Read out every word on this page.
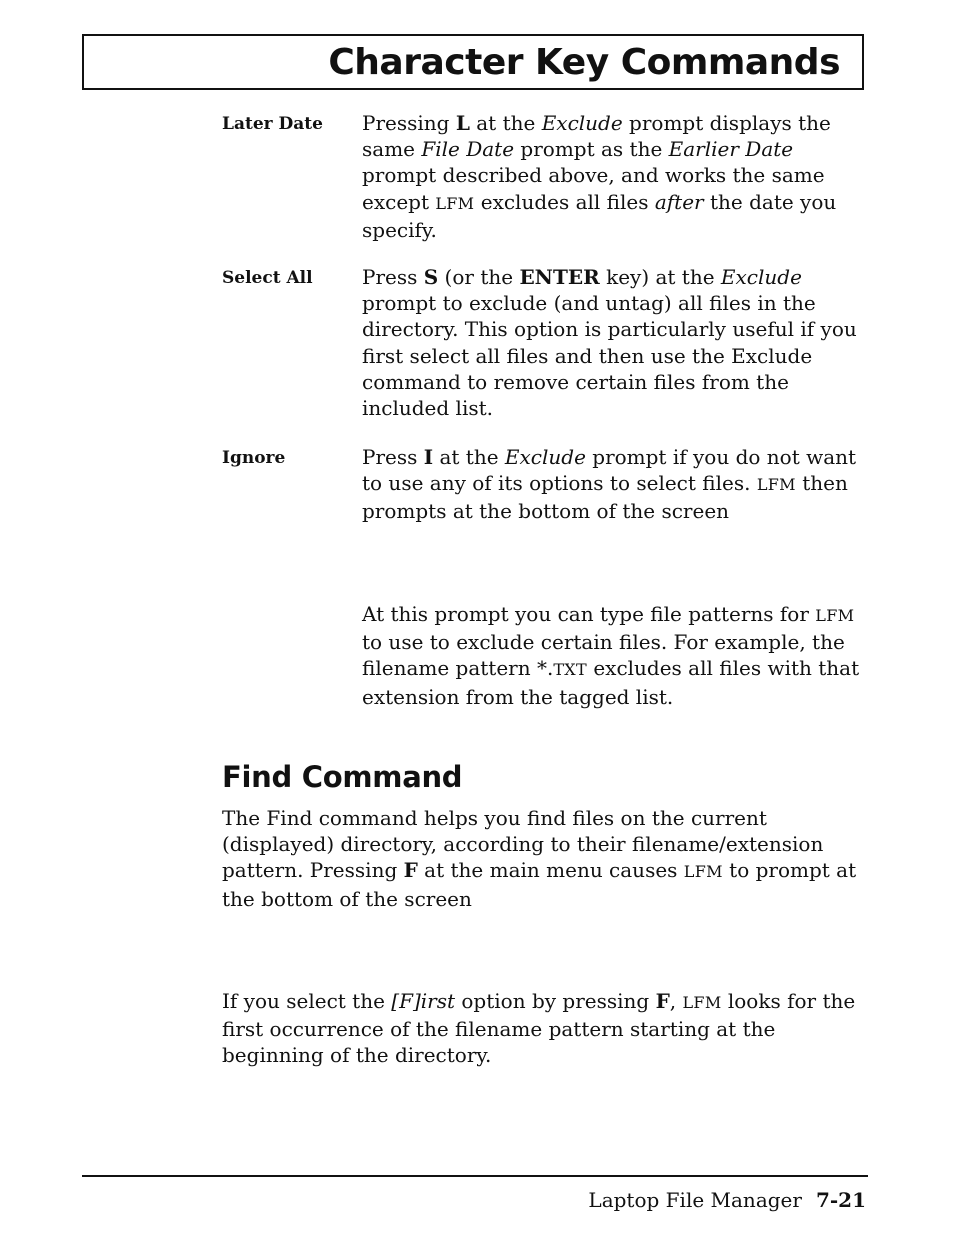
Character Key Commands
Later Date Pressing L at the Exclude prompt displays the same File Date prompt as the Earlier Date prompt described above, and works the same except LFM excludes all files after the date you specify.
Select All Press S (or the ENTER key) at the Exclude prompt to exclude (and untag) all files in the directory. This option is particularly useful if you first select all files and then use the Exclude command to remove certain files from the included list.
Ignore	Press I at the Exclude prompt if you do not want to use any of its options to select files. LFM then prompts at the bottom of the screen
At this prompt you can type file patterns for LFM to use to exclude certain files. For example, the filename pattern *.TXT excludes all files with that extension from the tagged list.
Find Command
The Find command helps you find files on the current (displayed) directory, according to their filename/extension pattern. Pressing F at the main menu causes LFM to prompt at the bottom of the screen
If you select the [F]irst option by pressing F, LFM looks for the first occurrence of the filename pattern starting at the beginning of the directory.
Laptop File Manager 7-21
